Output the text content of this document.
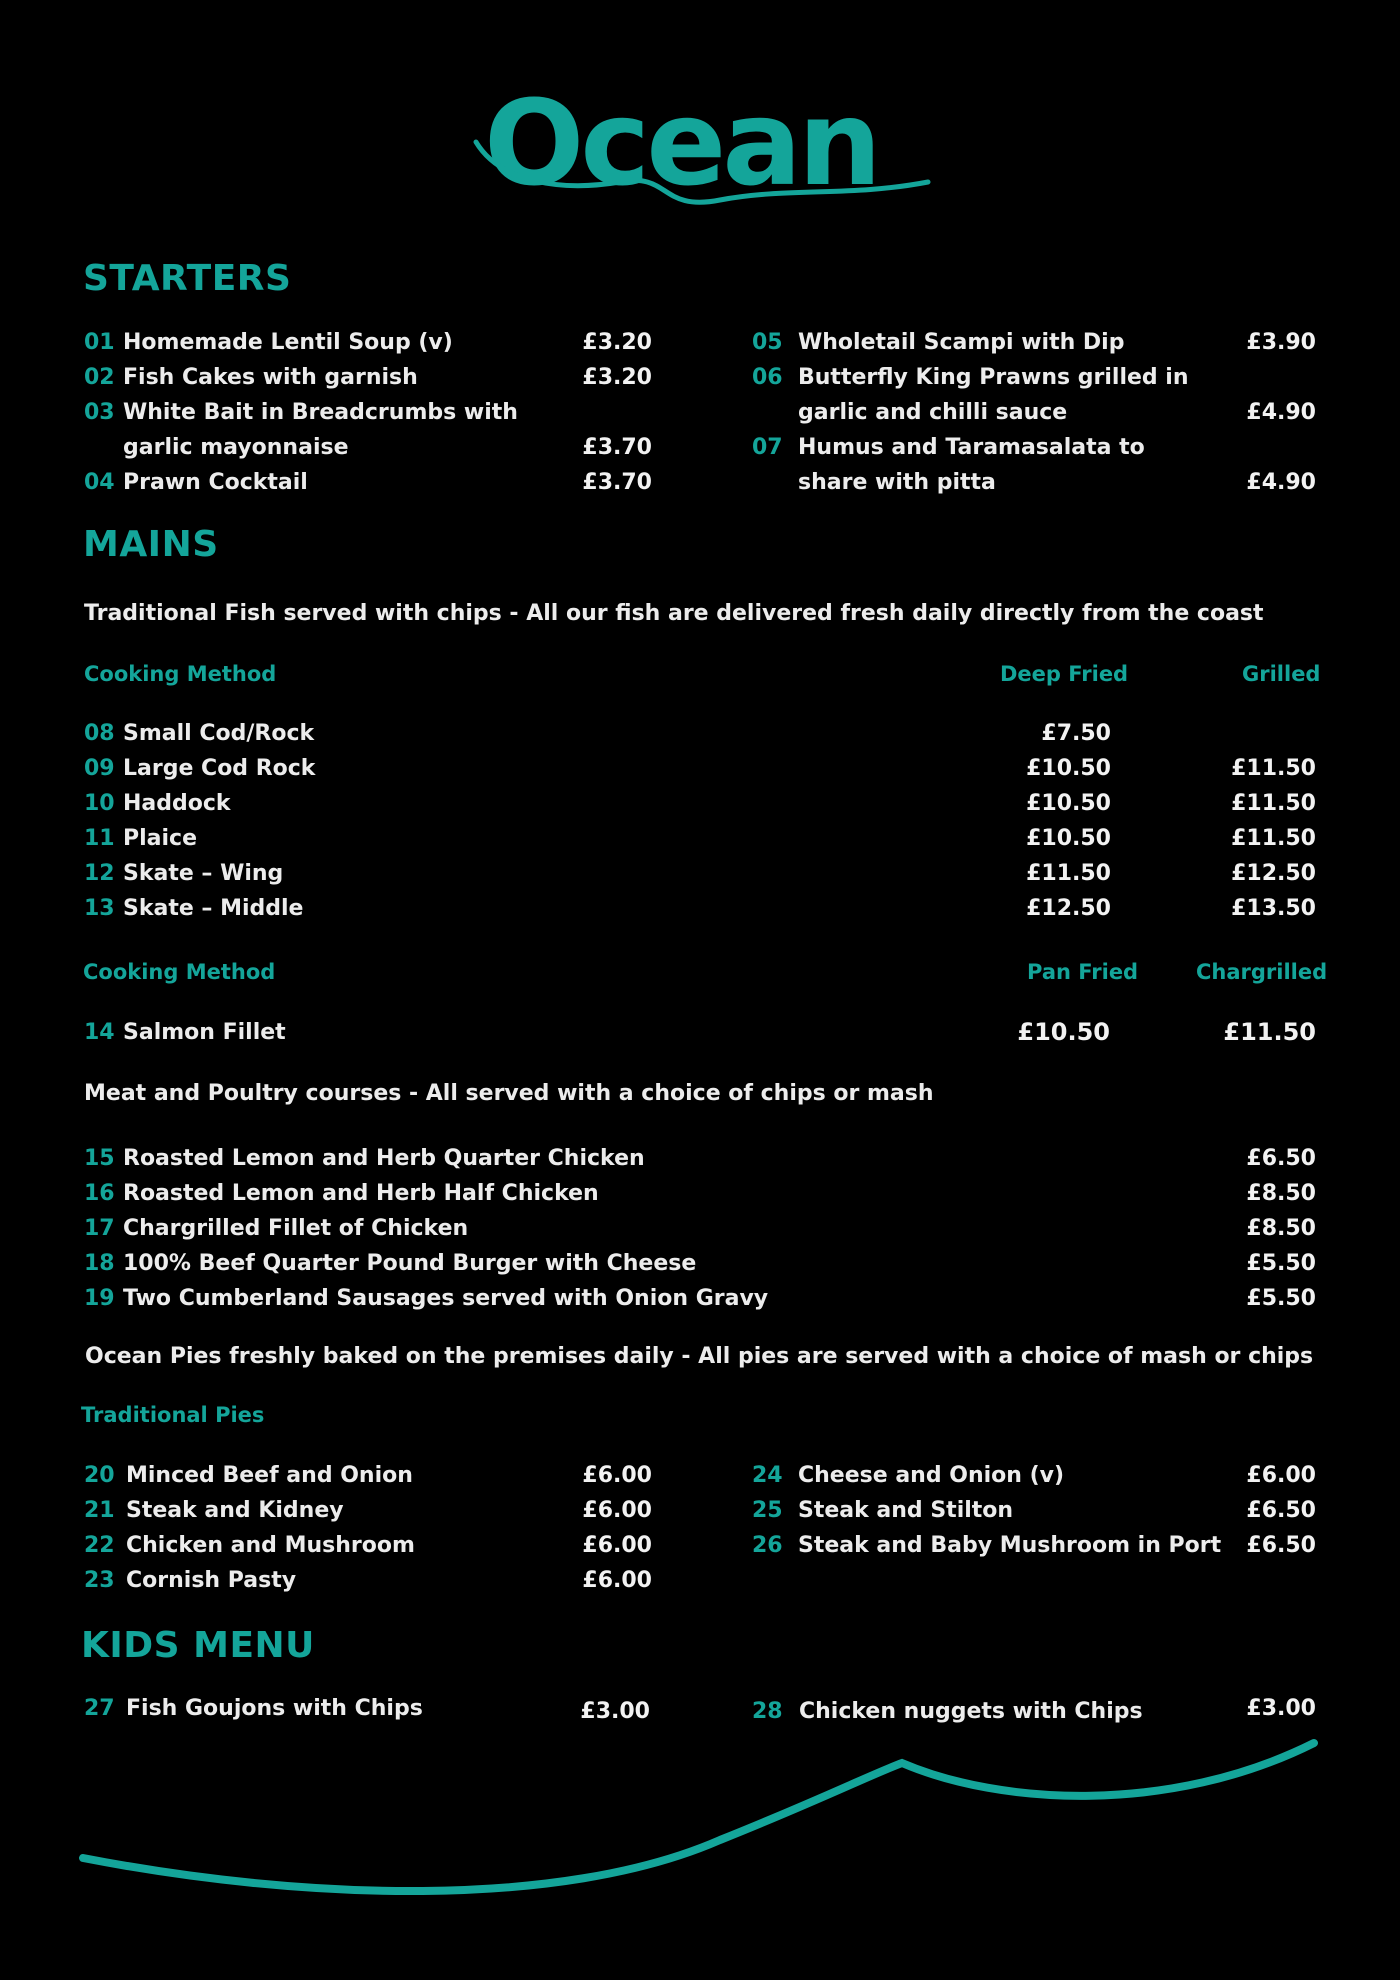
Ocean
STARTERS
01 Homemade Lentil Soup (v)	£3.20
02 Fish Cakes with garnish	£3.20
03 White Bait in Breadcrumbs with
garlic mayonnaise	£3.70
04 Prawn Cocktail	£3.70
05 Wholetail Scampi with Dip	£3.90
06 Butterfly King Prawns grilled in
garlic and chilli sauce	£4.90
07 Humus and Taramasalata to
share with pitta	£4.90
MAINS
Traditional Fish served with chips - All our fish are delivered fresh daily directly from the coast
Cooking Method	Deep Fried	Grilled
08 Small Cod/Rock	£7.50
09 Large Cod Rock	£10.50	£11.50
10 Haddock	£10.50	£11.50
11 Plaice	£10.50	£11.50
12 Skate – Wing	£11.50	£12.50
13 Skate – Middle	£12.50	£13.50
Cooking Method	Pan Fried	Chargrilled
14 Salmon Fillet	£10.50	£11.50
Meat and Poultry courses - All served with a choice of chips or mash
15 Roasted Lemon and Herb Quarter Chicken	£6.50
16 Roasted Lemon and Herb Half Chicken	£8.50
17 Chargrilled Fillet of Chicken	£8.50
18 100% Beef Quarter Pound Burger with Cheese	£5.50
19 Two Cumberland Sausages served with Onion Gravy	£5.50
Ocean Pies freshly baked on the premises daily - All pies are served with a choice of mash or chips
Traditional Pies
20 Minced Beef and Onion	£6.00
21 Steak and Kidney	£6.00
22 Chicken and Mushroom	£6.00
23 Cornish Pasty	£6.00
24 Cheese and Onion (v)	£6.00
25 Steak and Stilton	£6.50
26 Steak and Baby Mushroom in Port £6.50
KIDS MENU
27 Fish Goujons with Chips	£3.00	28 Chicken nuggets with Chips	£3.00
